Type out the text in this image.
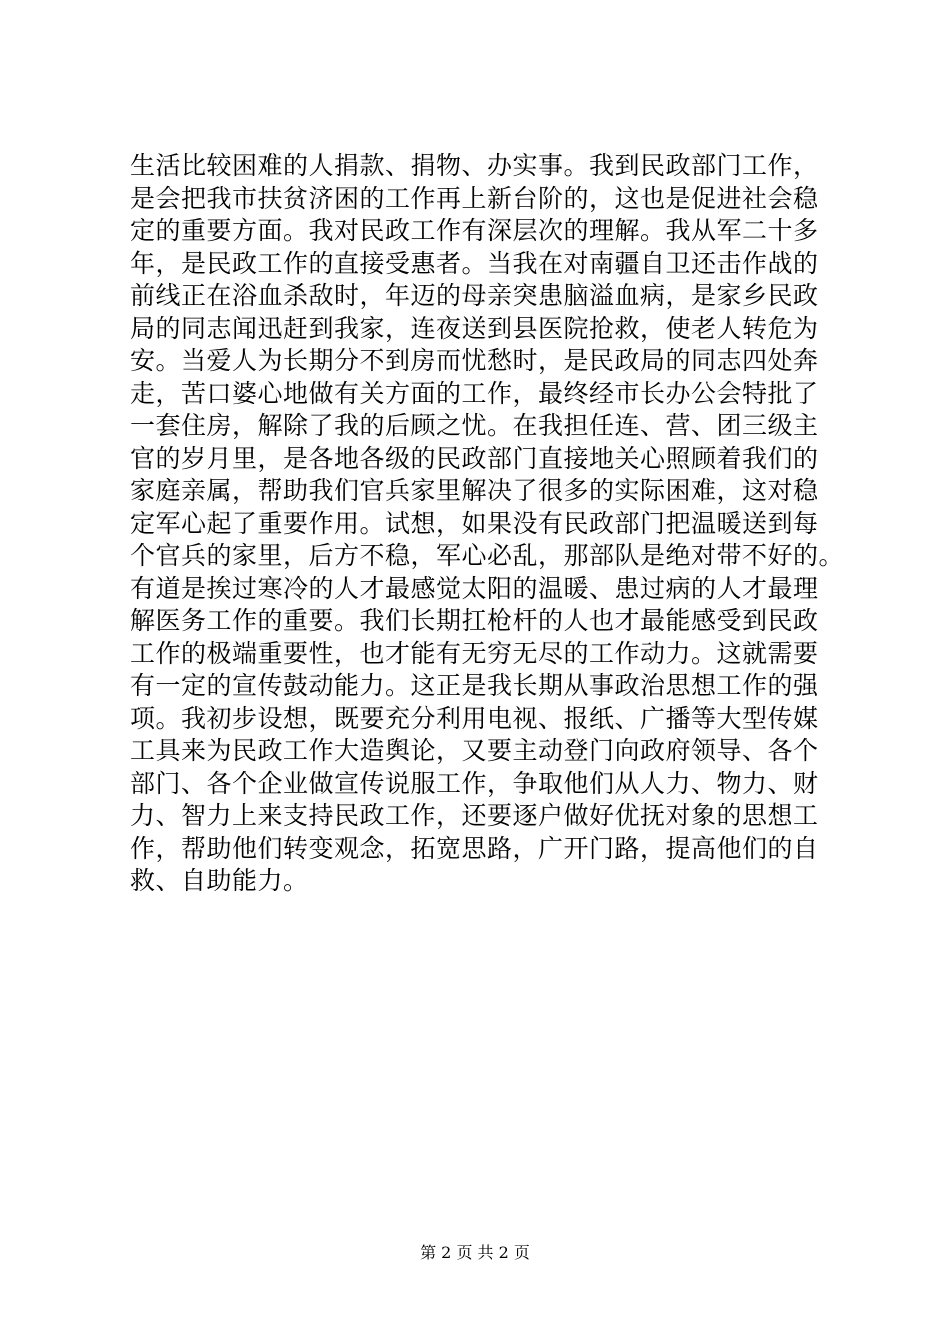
生活比较困难的人捐款、捐物、办实事。我到民政部门工作，
是会把我市扶贫济困的工作再上新台阶的，这也是促进社会稳
定的重要方面。我对民政工作有深层次的理解。我从军二十多
年，是民政工作的直接受惠者。当我在对南疆自卫还击作战的
前线正在浴血杀敌时，年迈的母亲突患脑溢血病，是家乡民政
局的同志闻迅赶到我家，连夜送到县医院抢救，使老人转危为
安。当爱人为长期分不到房而忧愁时，是民政局的同志四处奔
走，苦口婆心地做有关方面的工作，最终经市长办公会特批了
一套住房，解除了我的后顾之忧。在我担任连、营、团三级主
官的岁月里，是各地各级的民政部门直接地关心照顾着我们的
家庭亲属，帮助我们官兵家里解决了很多的实际困难，这对稳
定军心起了重要作用。试想，如果没有民政部门把温暖送到每
个官兵的家里，后方不稳，军心必乱，那部队是绝对带不好的。
有道是挨过寒冷的人才最感觉太阳的温暖、患过病的人才最理
解医务工作的重要。我们长期扛枪杆的人也才最能感受到民政
工作的极端重要性，也才能有无穷无尽的工作动力。这就需要
有一定的宣传鼓动能力。这正是我长期从事政治思想工作的强
项。我初步设想，既要充分利用电视、报纸、广播等大型传媒
工具来为民政工作大造舆论，又要主动登门向政府领导、各个
部门、各个企业做宣传说服工作，争取他们从人力、物力、财
力、智力上来支持民政工作，还要逐户做好优抚对象的思想工
作，帮助他们转变观念，拓宽思路，广开门路，提高他们的自
救、自助能力。
第 2 页 共 2 页
